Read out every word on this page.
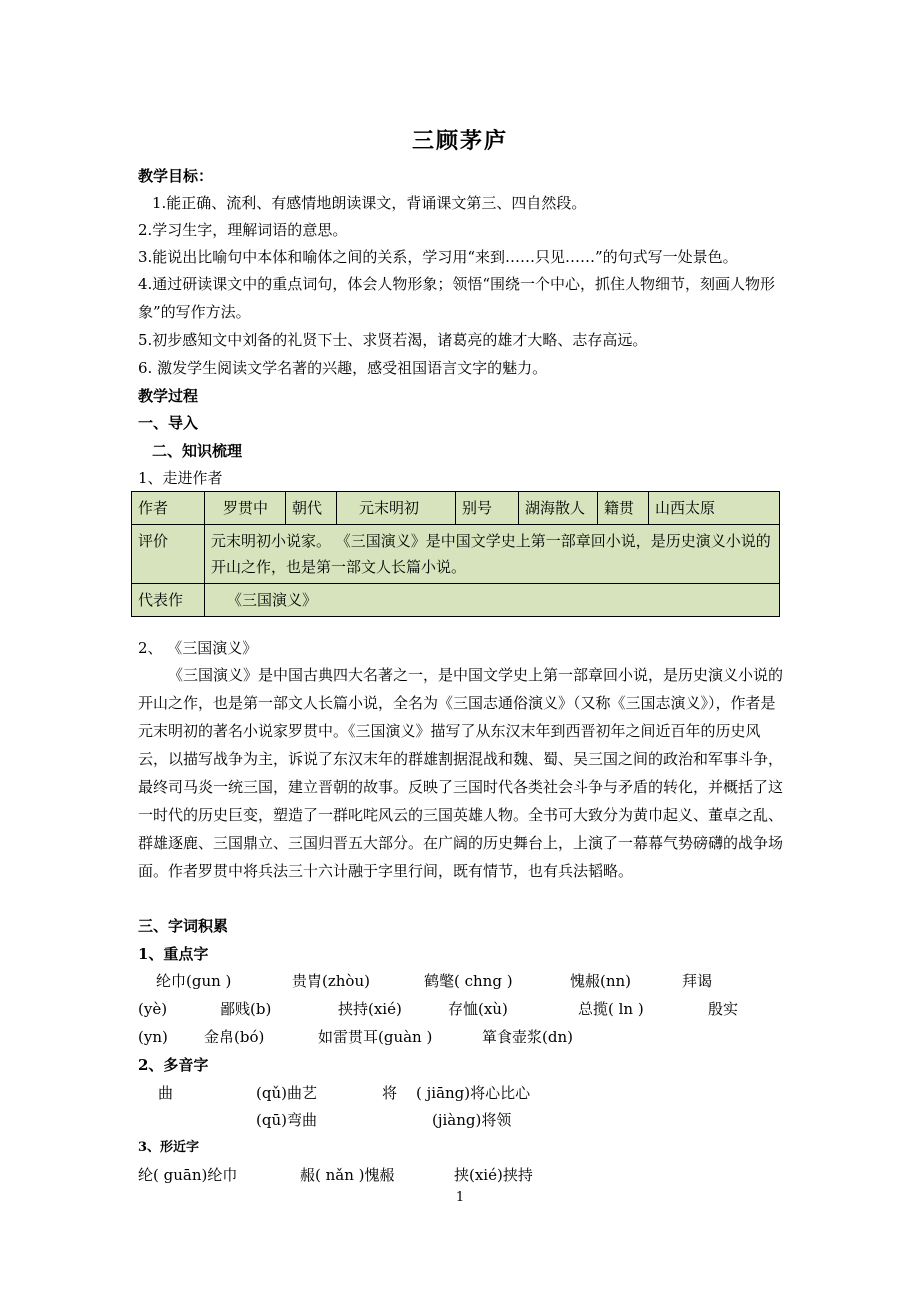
三顾茅庐
教学目标：
1.能正确、流利、有感情地朗读课文，背诵课文第三、四自然段。
2.学习生字，理解词语的意思。
3.能说出比喻句中本体和喻体之间的关系，学习用“来到……只见……”的句式写一处景色。
4.通过研读课文中的重点词句，体会人物形象；领悟“围绕一个中心，抓住人物细节，刻画人物形象”的写作方法。
5.初步感知文中刘备的礼贤下士、求贤若渴，诸葛亮的雄才大略、志存高远。
6. 激发学生阅读文学名著的兴趣，感受祖国语言文字的魅力。
教学过程
一、导入
二、知识梳理
1、走进作者
作者	罗贯中	朝代	元末明初	别号	湖海散人	籍贯	山西太原
评价	元末明初小说家。 《三国演义》是中国文学史上第一部章回小说，是历史演义小说的开山之作，也是第一部文人长篇小说。						
代表作	《三国演义》						
2、 《三国演义》
《三国演义》是中国古典四大名著之一，是中国文学史上第一部章回小说，是历史演义小说的开山之作，也是第一部文人长篇小说，全名为《三国志通俗演义》（又称《三国志演义》），作者是元末明初的著名小说家罗贯中。《三国演义》描写了从东汉末年到西晋初年之间近百年的历史风云，以描写战争为主，诉说了东汉末年的群雄割据混战和魏、蜀、吴三国之间的政治和军事斗争，最终司马炎一统三国，建立晋朝的故事。反映了三国时代各类社会斗争与矛盾的转化，并概括了这一时代的历史巨变，塑造了一群叱咤风云的三国英雄人物。全书可大致分为黄巾起义、董卓之乱、群雄逐鹿、三国鼎立、三国归晋五大部分。在广阔的历史舞台上，上演了一幕幕气势磅礴的战争场面。作者罗贯中将兵法三十六计融于字里行间，既有情节，也有兵法韬略。
三、字词积累
1、重点字
纶巾(gun )	贵胄(zhòu)	鹤氅( chng )	愧赧(nn)	拜谒
(yè)	鄙贱(b)	挟持(xié)	存恤(xù)	总揽( ln )	殷实
(yn) 金帛(bó)	如雷贯耳(guàn )	箪食壶浆(dn)
2、多音字
曲	(qǔ)曲艺	将 ( jiāng)将心比心
(qū)弯曲	(jiàng)将领
3、形近字
纶( guān)纶巾	赧( nǎn )愧赧	挟(xié)挟持
1
